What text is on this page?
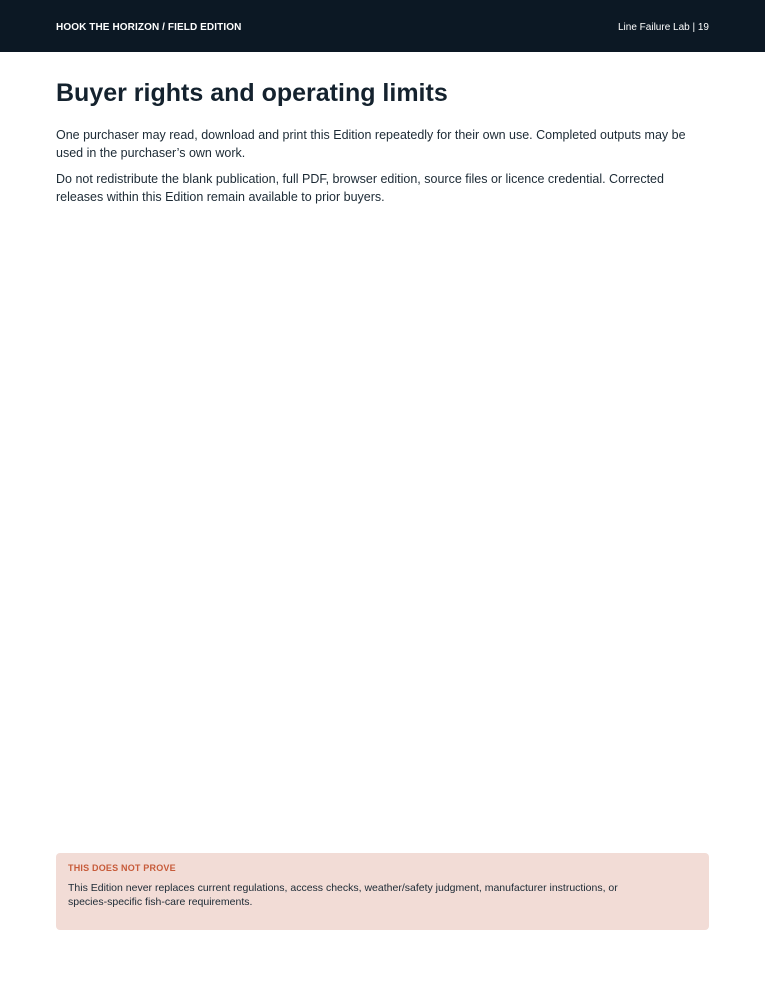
HOOK THE HORIZON / FIELD EDITION	Line Failure Lab | 19
Buyer rights and operating limits

One purchaser may read, download and print this Edition repeatedly for their own use. Completed outputs may be used in the purchaser’s own work.

Do not redistribute the blank publication, full PDF, browser edition, source files or licence credential. Corrected releases within this Edition remain available to prior buyers.

THIS DOES NOT PROVE

This Edition never replaces current regulations, access checks, weather/safety judgment, manufacturer instructions, or species-specific fish-care requirements.
